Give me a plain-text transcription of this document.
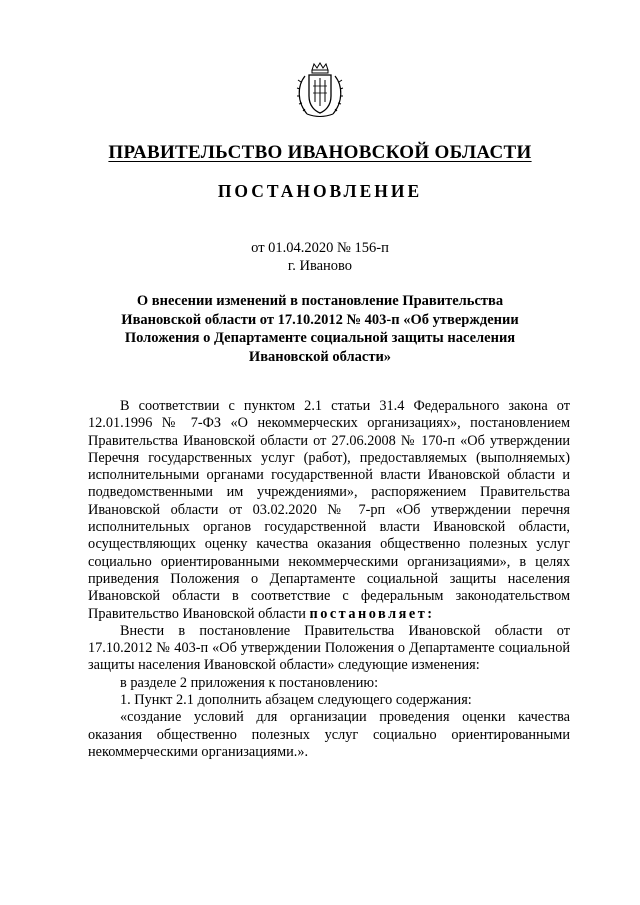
ПРАВИТЕЛЬСТВО ИВАНОВСКОЙ ОБЛАСТИ
ПОСТАНОВЛЕНИЕ
от 01.04.2020 № 156-п
г. Иваново
О внесении изменений в постановление Правительства Ивановской области от 17.10.2012 № 403-п «Об утверждении Положения о Департаменте социальной защиты населения Ивановской области»

В соответствии с пунктом 2.1 статьи 31.4 Федерального закона от 12.01.1996 № 7-ФЗ «О некоммерческих организациях», постановлением Правительства Ивановской области от 27.06.2008 № 170-п «Об утверждении Перечня государственных услуг (работ), предоставляемых (выполняемых) исполнительными органами государственной власти Ивановской области и подведомственными им учреждениями», распоряжением Правительства Ивановской области от 03.02.2020 № 7-рп «Об утверждении перечня исполнительных органов государственной власти Ивановской области, осуществляющих оценку качества оказания общественно полезных услуг социально ориентированными некоммерческими организациями», в целях приведения Положения о Департаменте социальной защиты населения Ивановской области в соответствие с федеральным законодательством Правительство Ивановской области постановляет:

Внести в постановление Правительства Ивановской области от 17.10.2012 № 403-п «Об утверждении Положения о Департаменте социальной защиты населения Ивановской области» следующие изменения:

в разделе 2 приложения к постановлению:

1. Пункт 2.1 дополнить абзацем следующего содержания:

«создание условий для организации проведения оценки качества оказания общественно полезных услуг социально ориентированными некоммерческими организациями.».
